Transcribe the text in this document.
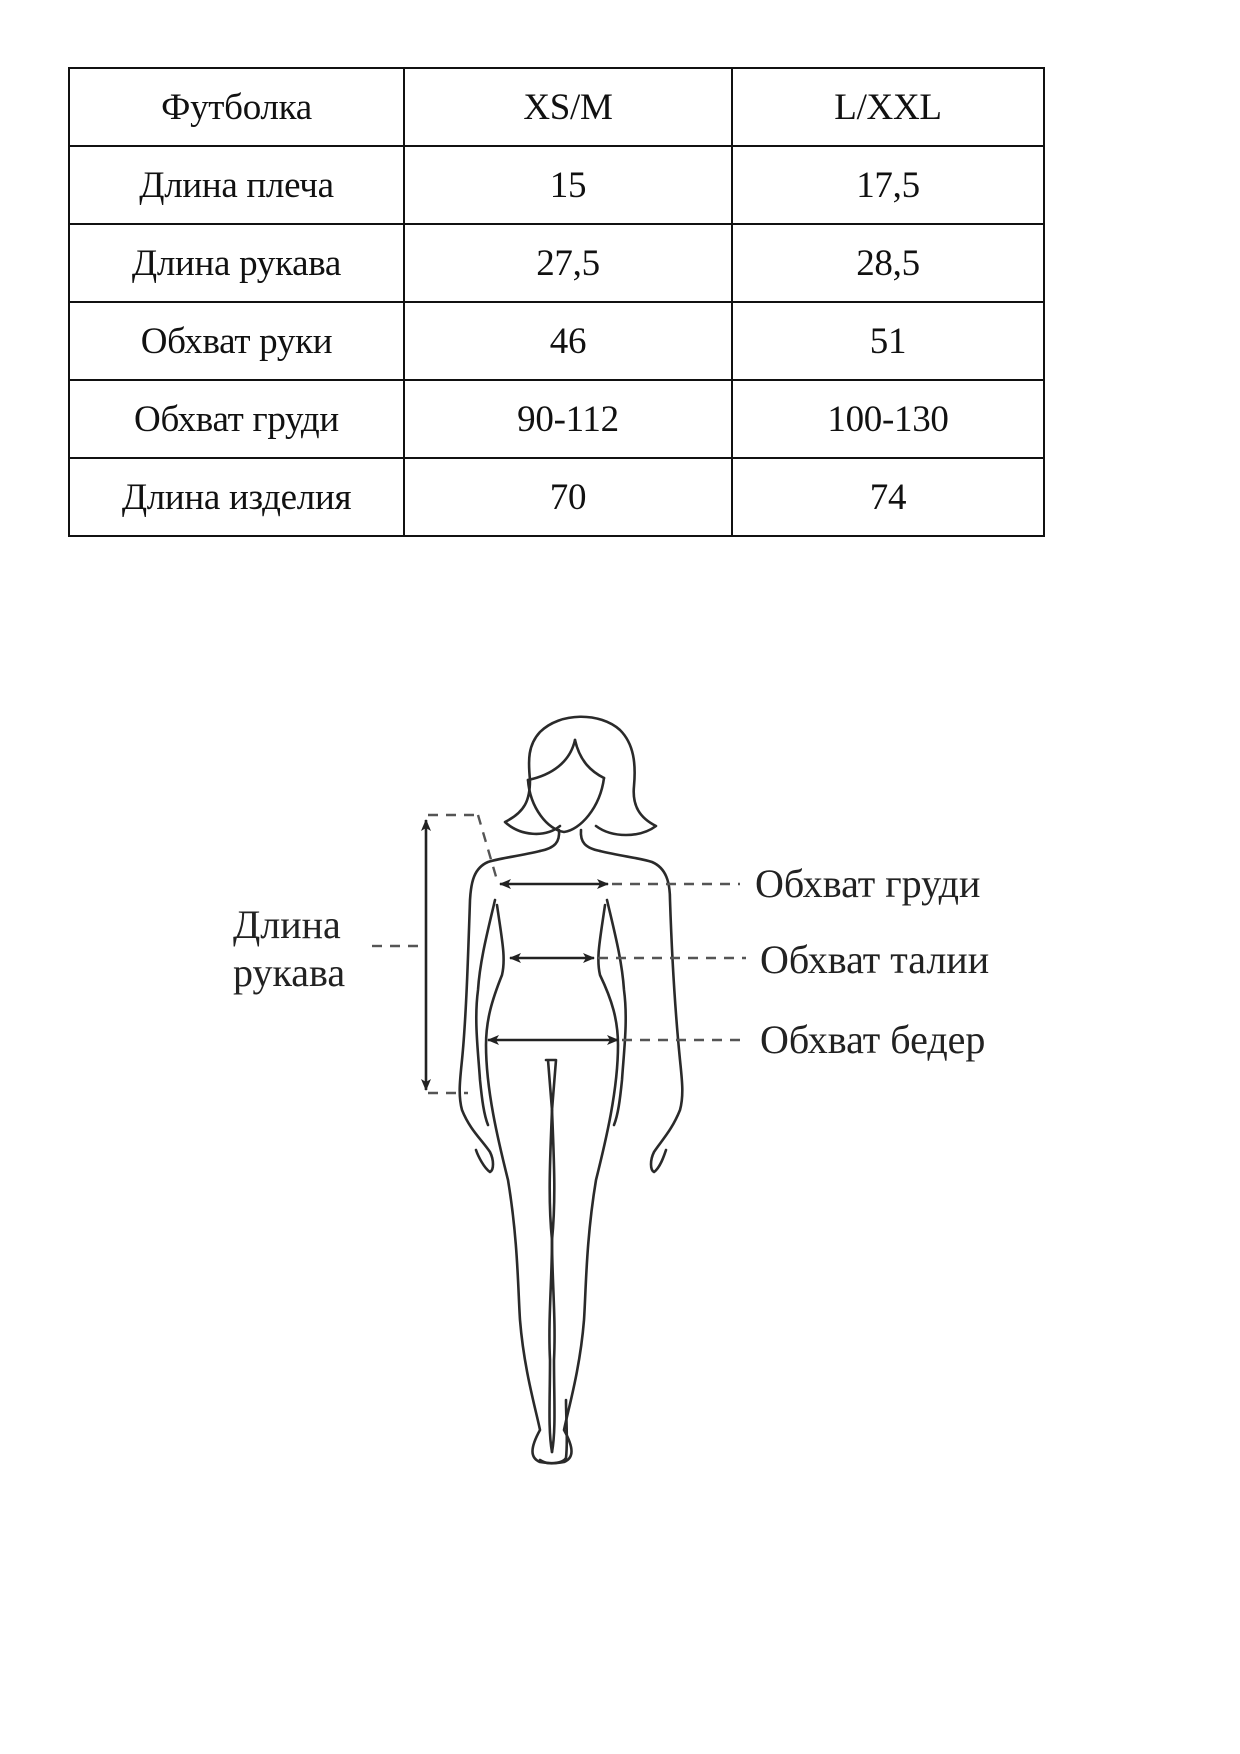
Футболка	XS/M	L/XXL
Длина плеча	15	17,5
Длина рукава	27,5	28,5
Обхват руки	46	51
Обхват груди	90-112	100-130
Длина изделия	70	74
Длина
рукава
Обхват груди
Обхват талии
Обхват бедер
